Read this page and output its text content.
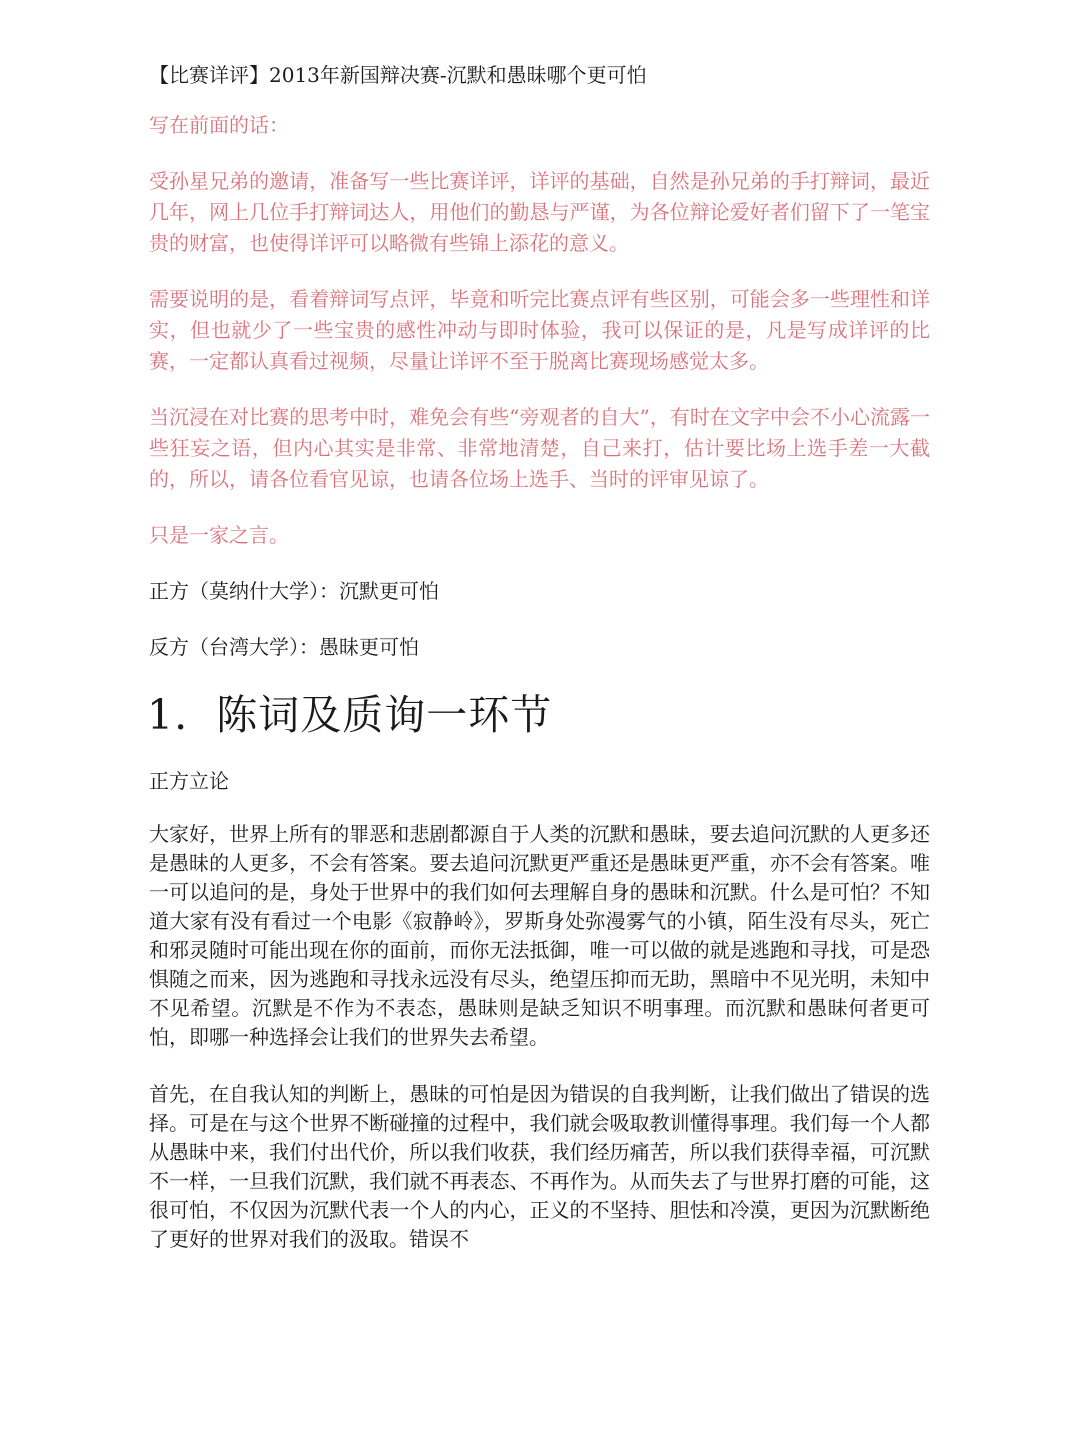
【比赛详评】2013年新国辩决赛-沉默和愚昧哪个更可怕

写在前面的话：

受孙星兄弟的邀请，准备写一些比赛详评，详评的基础，自然是孙兄弟的手打辩词，最近几年，网上几位手打辩词达人，用他们的勤恳与严谨，为各位辩论爱好者们留下了一笔宝贵的财富，也使得详评可以略微有些锦上添花的意义。

需要说明的是，看着辩词写点评，毕竟和听完比赛点评有些区别，可能会多一些理性和详实，但也就少了一些宝贵的感性冲动与即时体验，我可以保证的是，凡是写成详评的比赛，一定都认真看过视频，尽量让详评不至于脱离比赛现场感觉太多。

当沉浸在对比赛的思考中时，难免会有些“旁观者的自大”，有时在文字中会不小心流露一些狂妄之语，但内心其实是非常、非常地清楚，自己来打，估计要比场上选手差一大截的，所以，请各位看官见谅，也请各位场上选手、当时的评审见谅了。

只是一家之言。

正方（莫纳什大学）：沉默更可怕
反方（台湾大学）：愚昧更可怕
1. 陈词及质询一环节
正方立论

大家好，世界上所有的罪恶和悲剧都源自于人类的沉默和愚昧，要去追问沉默的人更多还是愚昧的人更多，不会有答案。要去追问沉默更严重还是愚昧更严重，亦不会有答案。唯一可以追问的是，身处于世界中的我们如何去理解自身的愚昧和沉默。什么是可怕？不知道大家有没有看过一个电影《寂静岭》，罗斯身处弥漫雾气的小镇，陌生没有尽头，死亡和邪灵随时可能出现在你的面前，而你无法抵御，唯一可以做的就是逃跑和寻找，可是恐惧随之而来，因为逃跑和寻找永远没有尽头，绝望压抑而无助，黑暗中不见光明，未知中不见希望。沉默是不作为不表态，愚昧则是缺乏知识不明事理。而沉默和愚昧何者更可怕，即哪一种选择会让我们的世界失去希望。

首先，在自我认知的判断上，愚昧的可怕是因为错误的自我判断，让我们做出了错误的选择。可是在与这个世界不断碰撞的过程中，我们就会吸取教训懂得事理。我们每一个人都从愚昧中来，我们付出代价，所以我们收获，我们经历痛苦，所以我们获得幸福，可沉默不一样，一旦我们沉默，我们就不再表态、不再作为。从而失去了与世界打磨的可能，这很可怕，不仅因为沉默代表一个人的内心，正义的不坚持、胆怯和冷漠，更因为沉默断绝了更好的世界对我们的汲取。错误不
